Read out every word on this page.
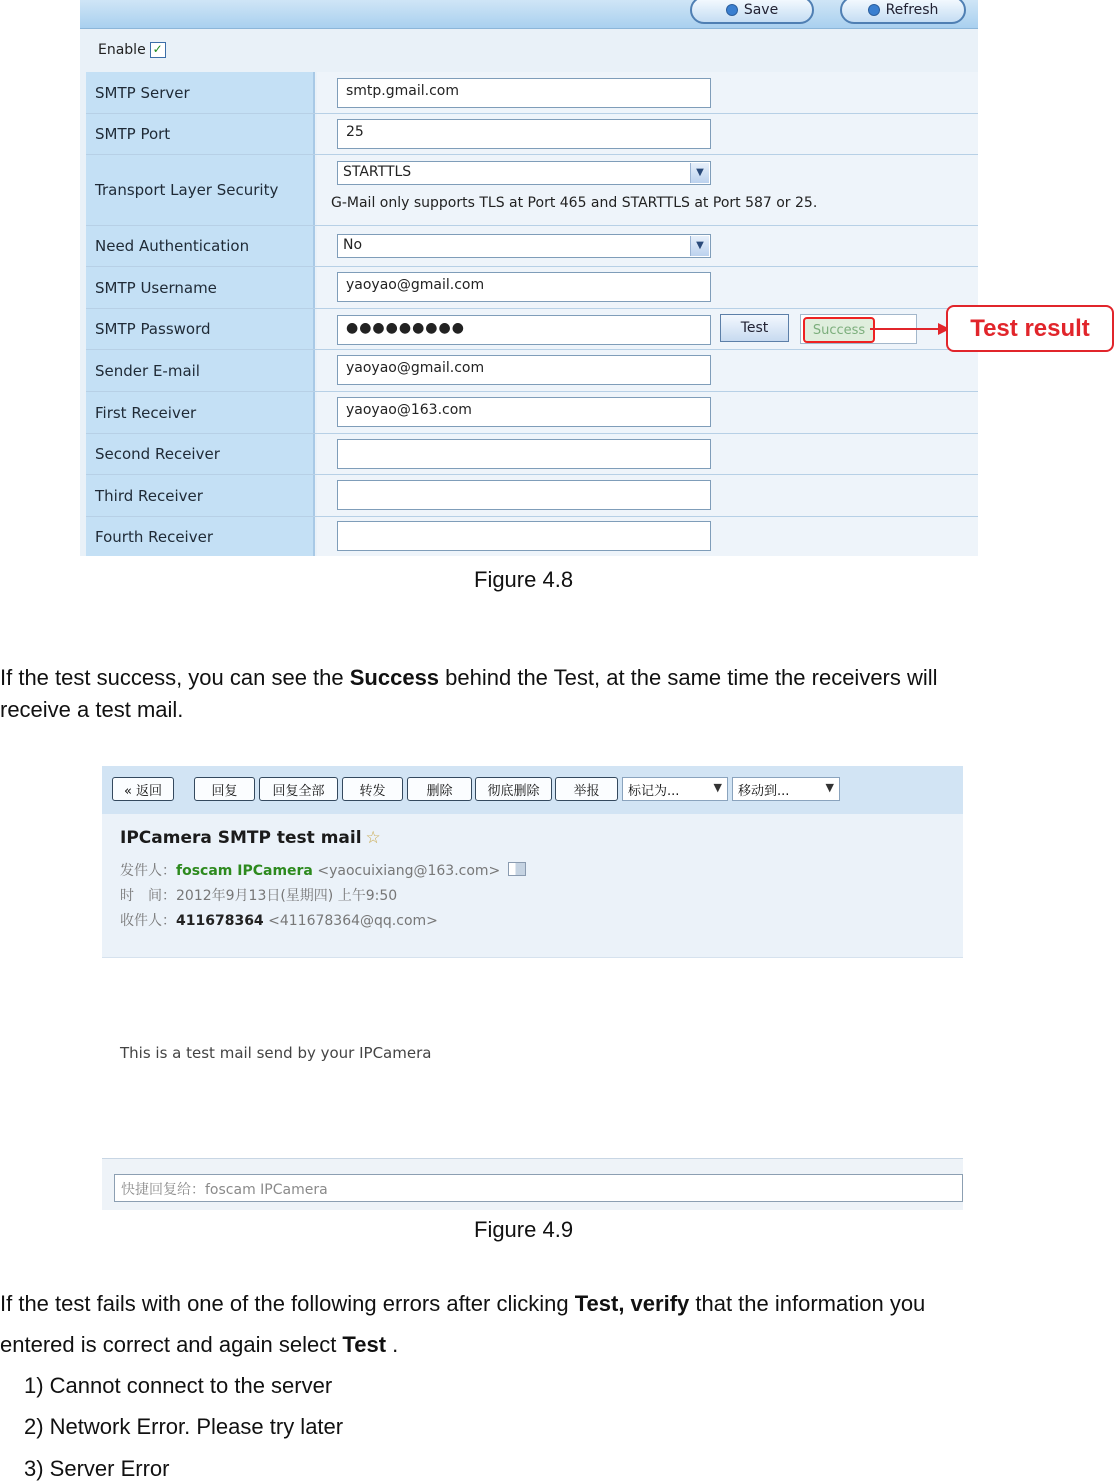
Save	Refresh
Enable ✓
SMTP Server	smtp.gmail.com
SMTP Port	25
Transport Layer Security
STARTTLS	▼
G-Mail only supports TLS at Port 465 and STARTTLS at Port 587 or 25.
Need Authentication	No	▼
SMTP Username	yaoyao@gmail.com
SMTP Password	●●●●●●●●●	Test	Success
Sender E-mail	yaoyao@gmail.com
First Receiver	yaoyao@163.com
Second Receiver
Third Receiver
Fourth Receiver
Test result
Figure 4.8
If the test success, you can see the Success behind the Test, at the same time the receivers will
receive a test mail.
« 返回	回复	回复全部	转发	删除	彻底删除	举报	标记为...	▼	移动到...	▼
IPCamera SMTP test mail ☆
发件人：foscam IPCamera <yaocuixiang@163.com>
时　间：2012年9月13日(星期四) 上午9:50
收件人：411678364 <411678364@qq.com>
This is a test mail send by your IPCamera
快捷回复给：foscam IPCamera
Figure 4.9
If the test fails with one of the following errors after clicking Test, verify that the information you
entered is correct and again select Test .
1) Cannot connect to the server
2) Network Error. Please try later
3) Server Error
